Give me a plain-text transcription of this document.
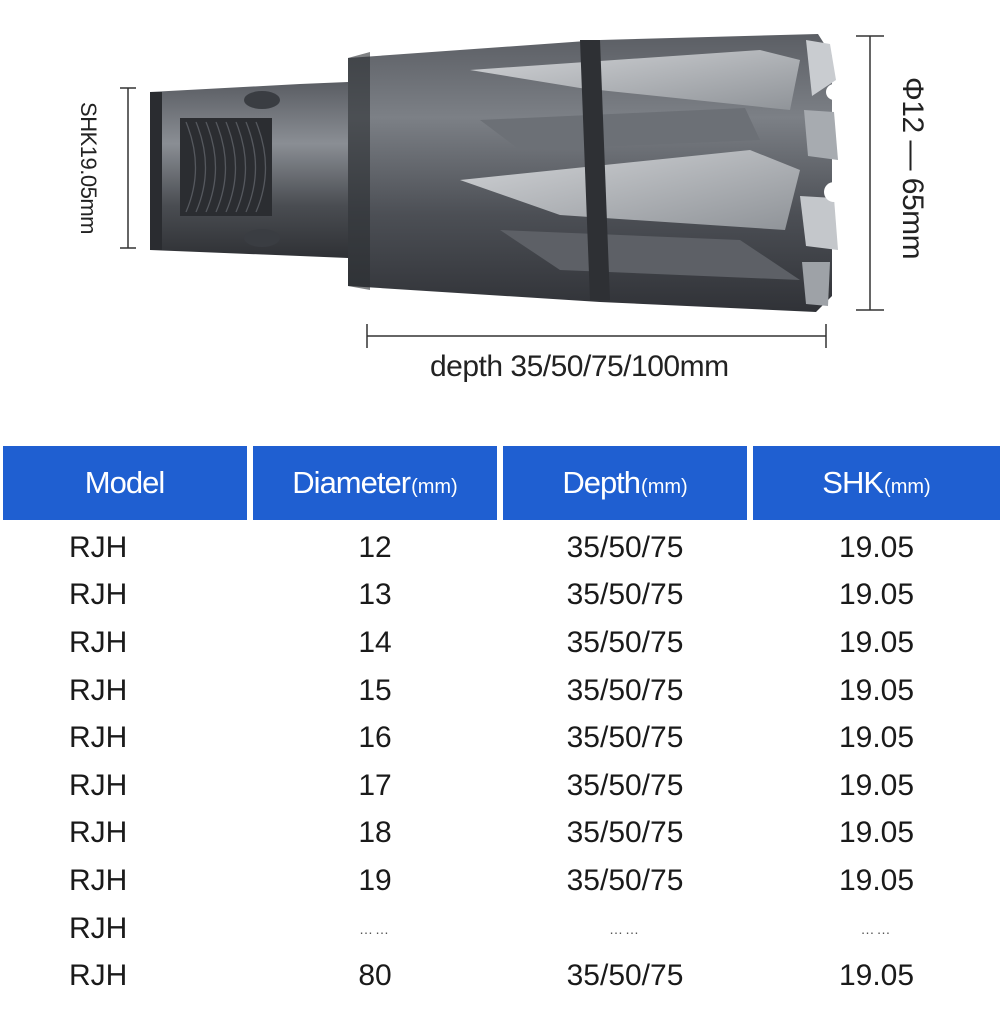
SHK19.05mm	Φ12 — 65mm
depth 35/50/75/100mm
Model	Diameter (mm)	Depth (mm)	SHK (mm)
RJH	12	35/50/75	19.05
RJH	13	35/50/75	19.05
RJH	14	35/50/75	19.05
RJH	15	35/50/75	19.05
RJH	16	35/50/75	19.05
RJH	17	35/50/75	19.05
RJH	18	35/50/75	19.05
RJH	19	35/50/75	19.05
RJH	……	……	……
RJH	80	35/50/75	19.05
